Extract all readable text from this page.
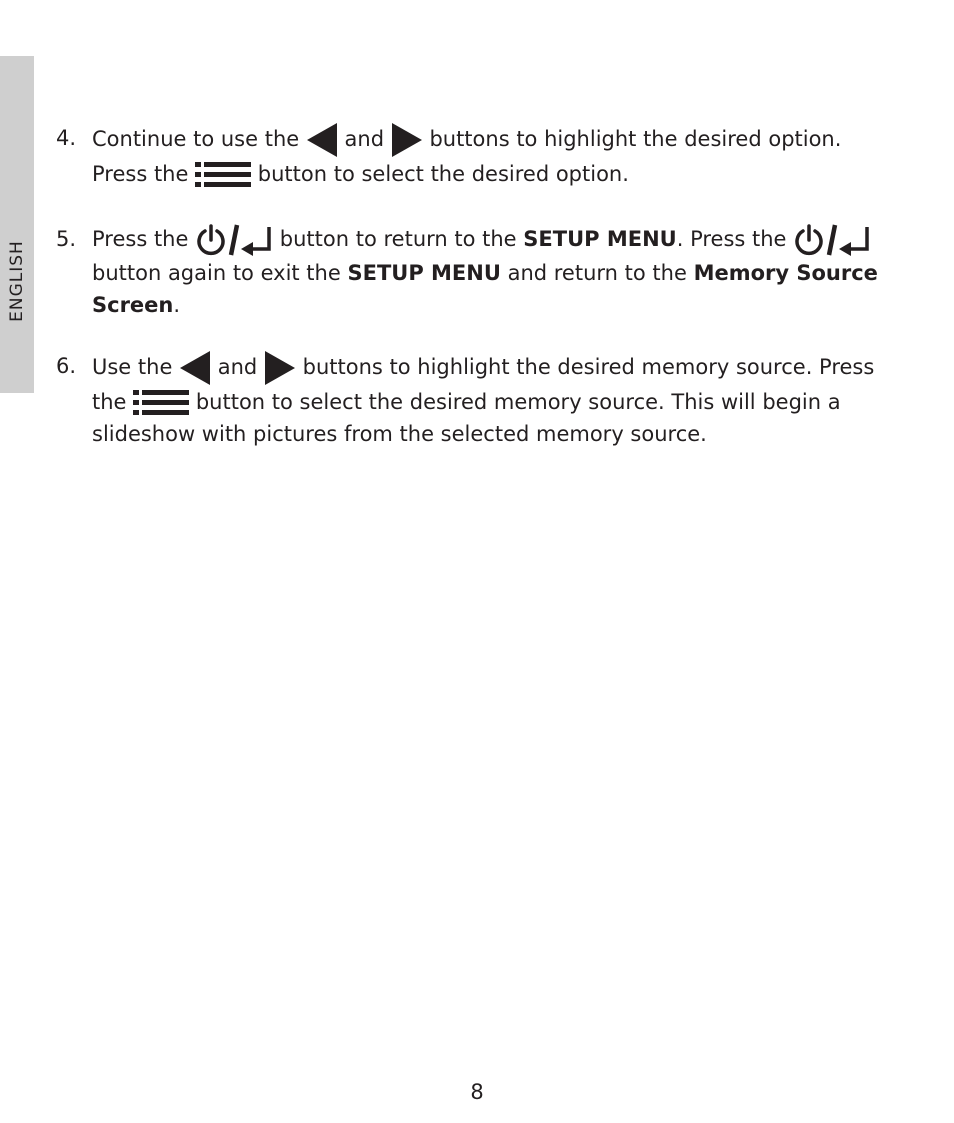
ENGLISH
4. Continue to use the and buttons to highlight the desired option.
Press the	button to select the desired option.
5. Press the	button to return to the SETUP MENU. Press the
button again to exit the SETUP MENU and return to the Memory Source Screen.
6. Use the and buttons to highlight the desired memory source. Press the	button to select the desired memory source. This will begin a slideshow with pictures from the selected memory source.
8
